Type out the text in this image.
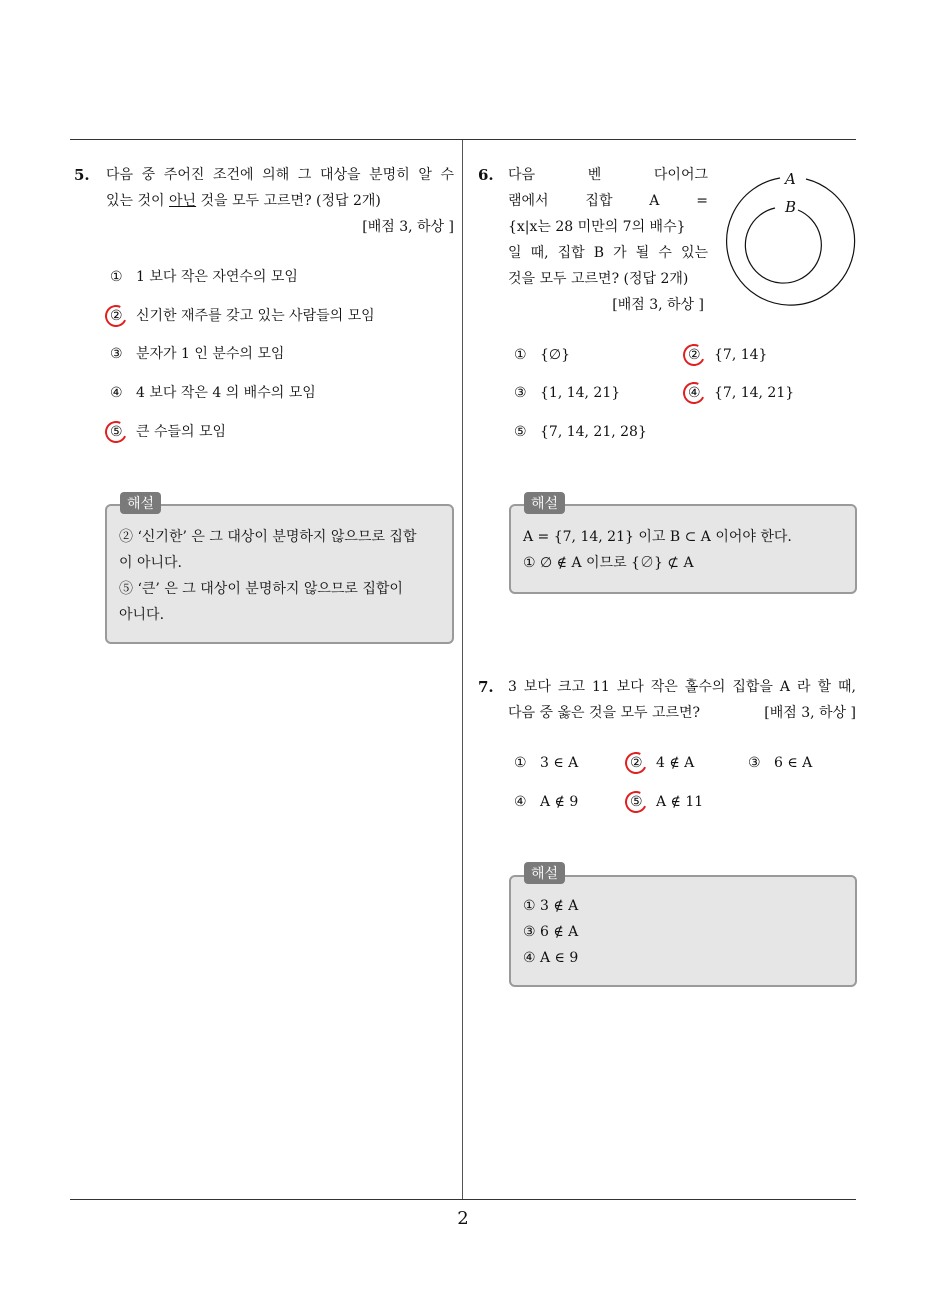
5. 다음 중 주어진 조건에 의해 그 대상을 분명히 알 수
있는 것이 아닌 것을 모두 고르면? (정답 2개)
[배점 3, 하상 ]
① 1 보다 작은 자연수의 모임
② 신기한 재주를 갖고 있는 사람들의 모임
③ 분자가 1 인 분수의 모임
④ 4 보다 작은 4 의 배수의 모임
⑤ 큰 수들의 모임
② ‘신기한’ 은 그 대상이 분명하지 않으므로 집합
이 아니다.
⑤ ‘큰’ 은 그 대상이 분명하지 않으므로 집합이
아니다.
해설
6. 다음 벤 다이어그
램에서 집합 A =
{x|x는 28 미만의 7의 배수}
일 때, 집합 B 가 될 수 있는
것을 모두 고르면? (정답 2개)
[배점 3, 하상 ]
A
B
① {∅}	② {7, 14}
③ {1, 14, 21}	④ {7, 14, 21}
⑤ {7, 14, 21, 28}
A = {7, 14, 21} 이고 B ⊂ A 이어야 한다.
① ∅ ∉ A 이므로 {∅} ⊄ A
해설
7. 3 보다 크고 11 보다 작은 홀수의 집합을 A 라 할 때,
다음 중 옳은 것을 모두 고르면?	[배점 3, 하상 ]
① 3 ∈ A	② 4 ∉ A	③ 6 ∈ A
④ A ∉ 9	⑤ A ∉ 11
① 3 ∉ A
③ 6 ∉ A
④ A ∈ 9
해설
2
